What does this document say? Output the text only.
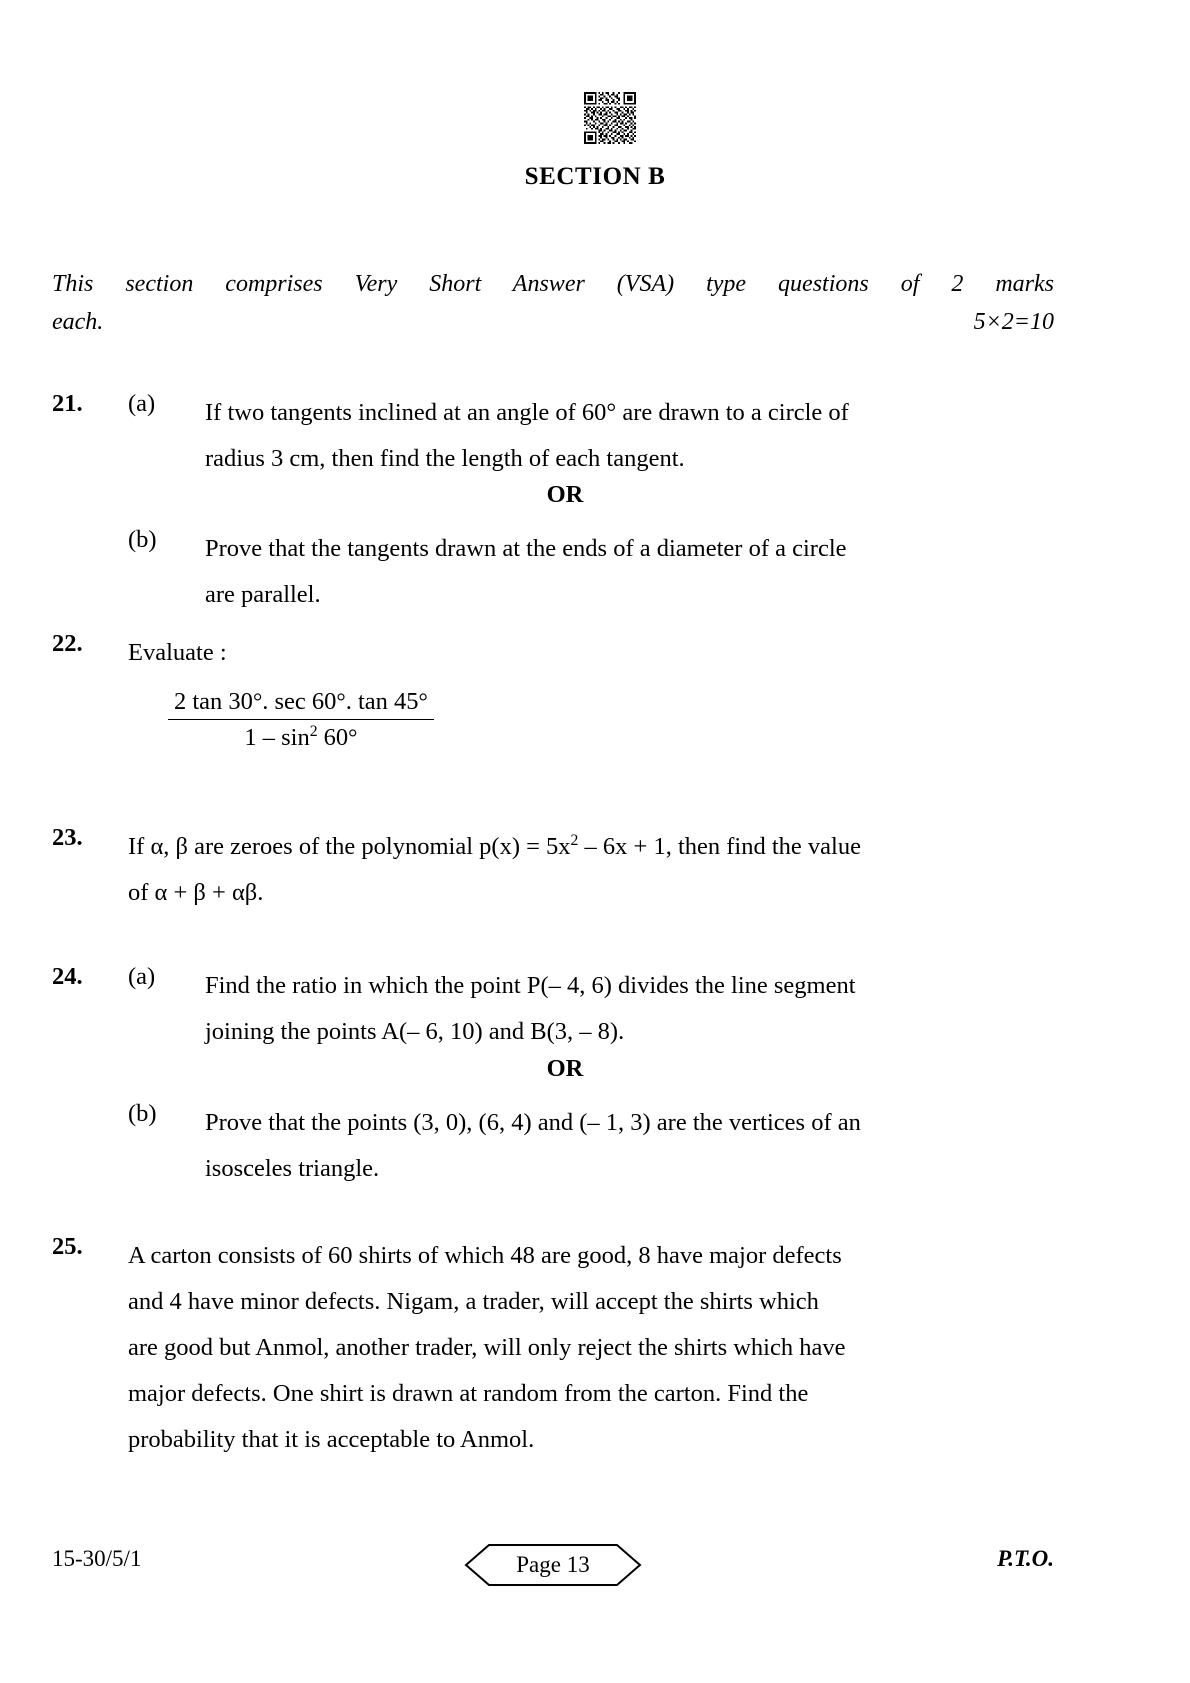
SECTION B
This section comprises Very Short Answer (VSA) type questions of 2 marks
each.	5×2=10
21.	(a)	If two tangents inclined at an angle of 60° are drawn to a circle of
radius 3 cm, then find the length of each tangent.
OR
(b)	Prove that the tangents drawn at the ends of a diameter of a circle
are parallel.
22.	Evaluate :
2 tan 30°. sec 60°. tan 45°
$1 - \sin^2 60^\circ$
23.	If α, β are zeroes of the polynomial $p(x) = 5x^2 - 6x + 1$, then find the value
of α + β + αβ.
24.	(a)	Find the ratio in which the point P(– 4, 6) divides the line segment
joining the points A(– 6, 10) and B(3, – 8).
OR
(b)	Prove that the points (3, 0), (6, 4) and (– 1, 3) are the vertices of an
isosceles triangle.
25.	A carton consists of 60 shirts of which 48 are good, 8 have major defects
and 4 have minor defects. Nigam, a trader, will accept the shirts which
are good but Anmol, another trader, will only reject the shirts which have
major defects. One shirt is drawn at random from the carton. Find the
probability that it is acceptable to Anmol.
15-30/5/1	Page 13	P.T.O.
